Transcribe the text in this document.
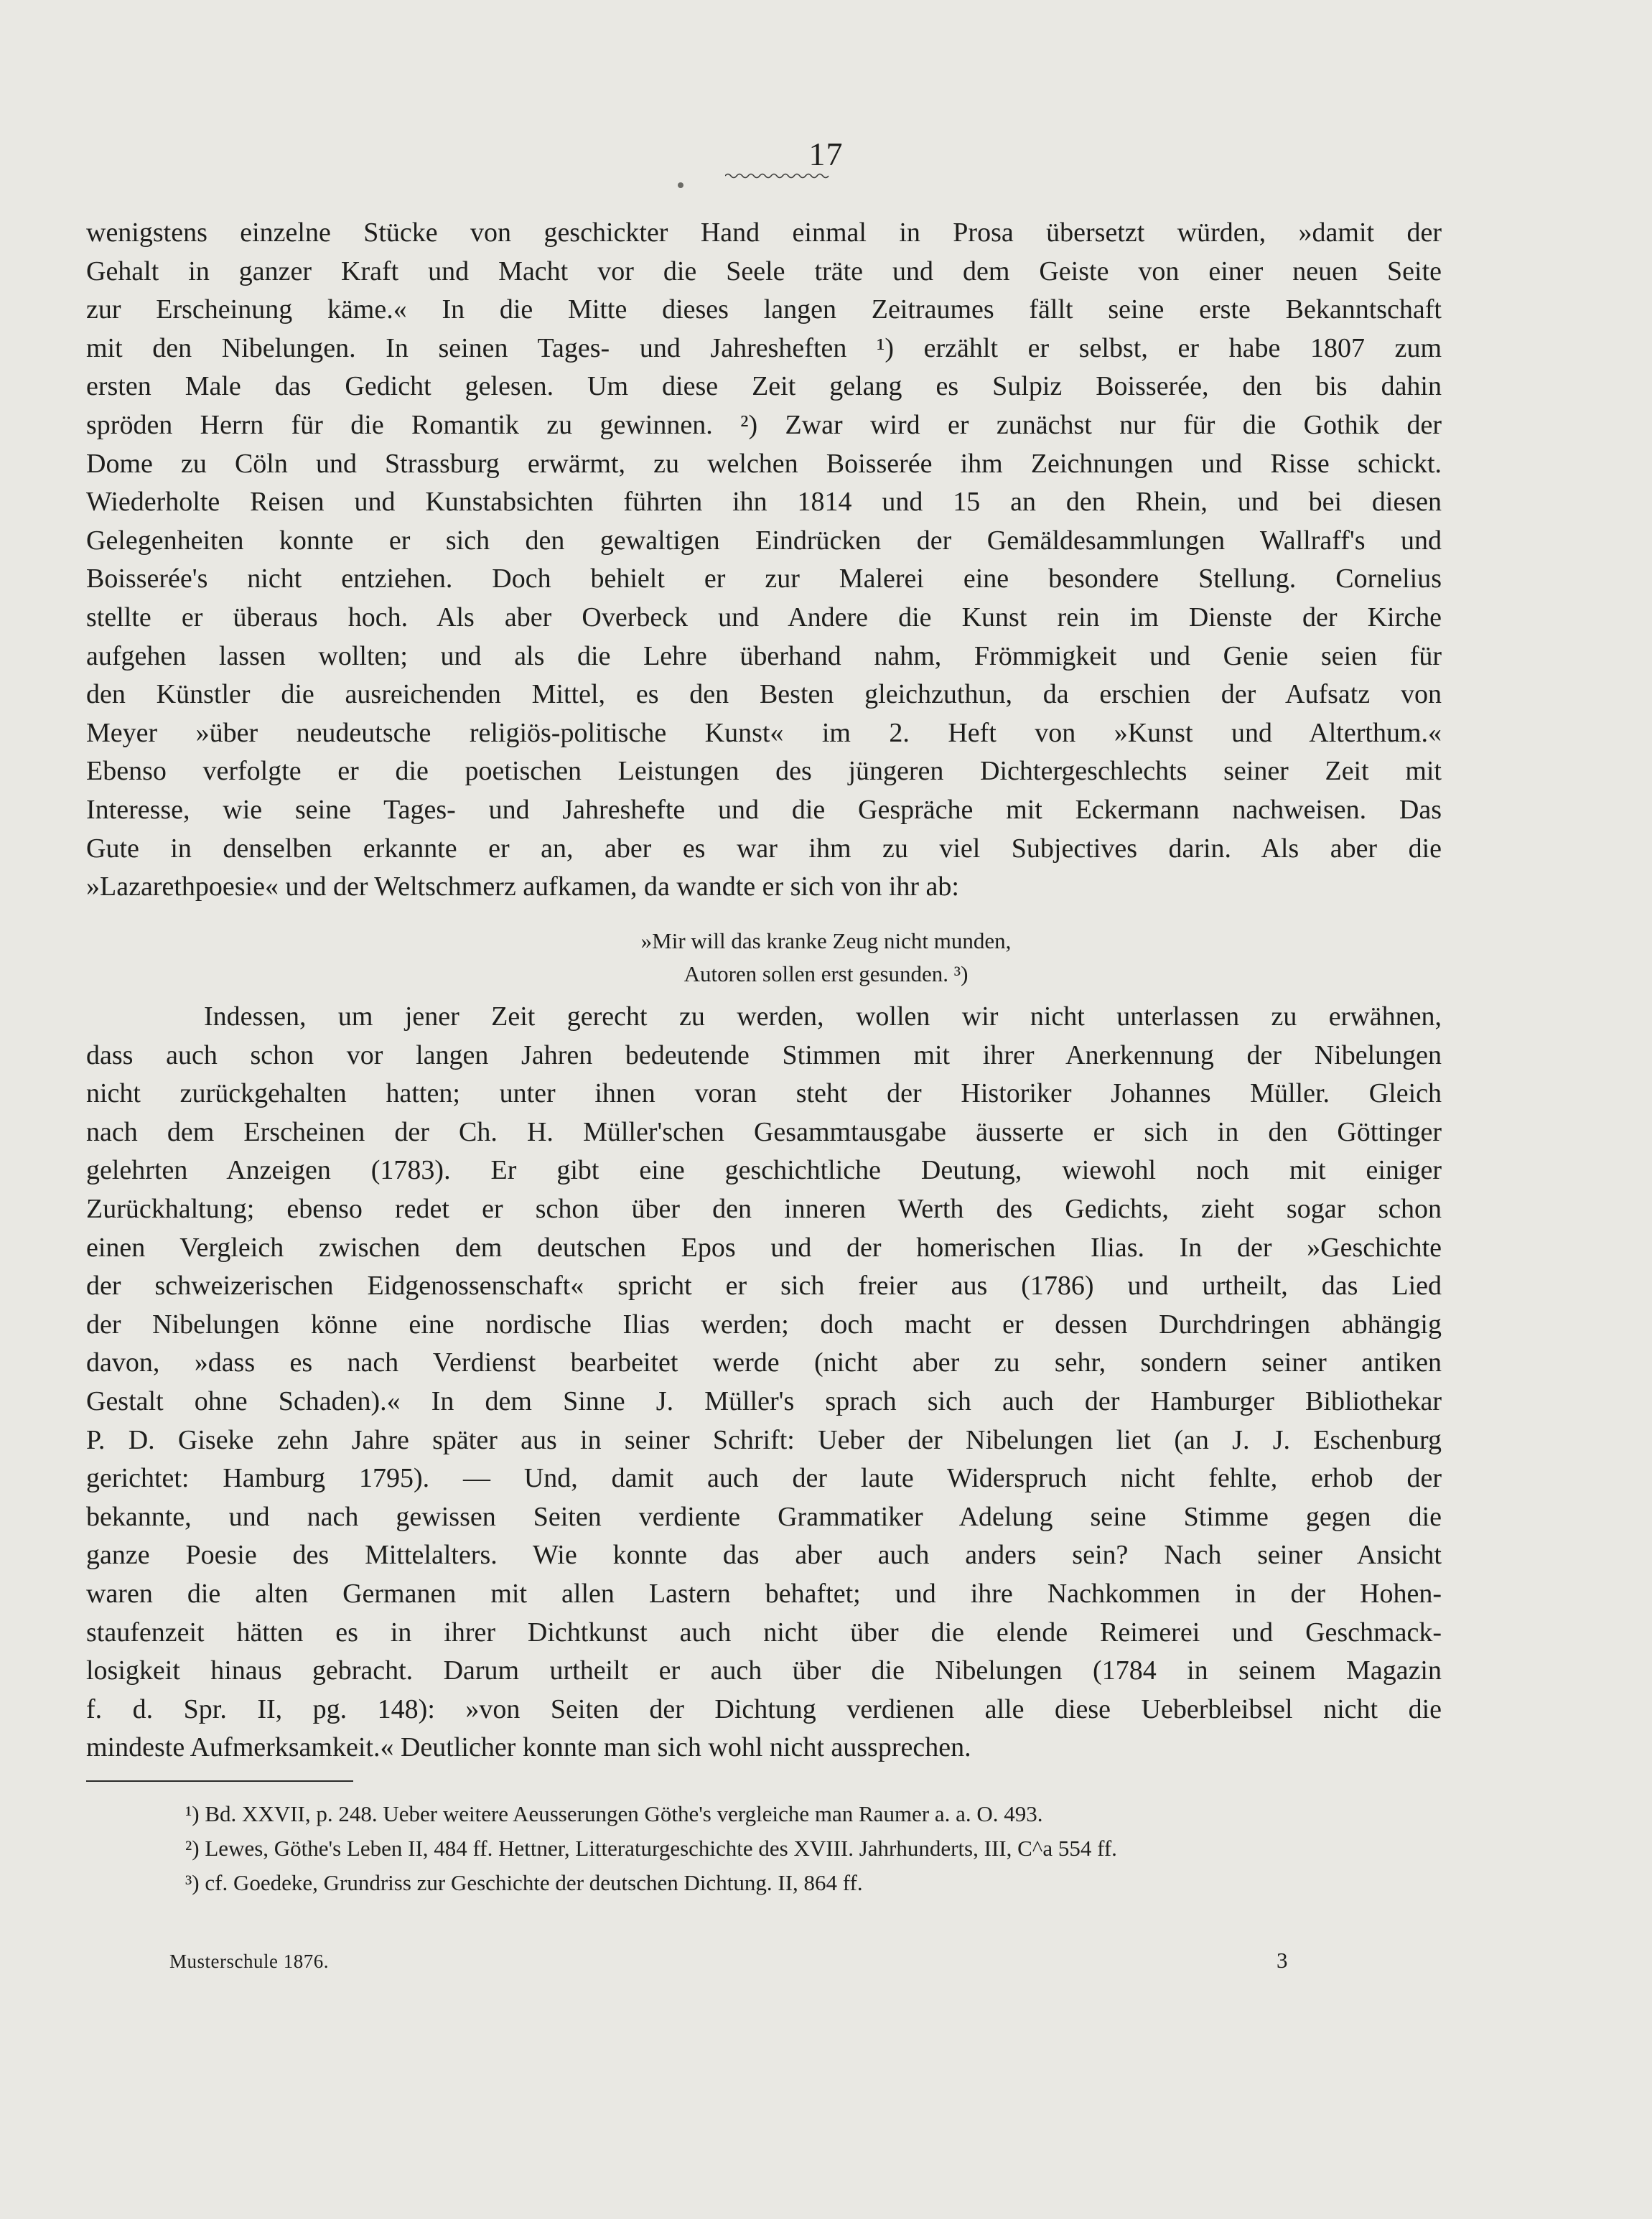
17
wenigstens einzelne Stücke von geschickter Hand einmal in Prosa übersetzt würden, »damit der
Gehalt in ganzer Kraft und Macht vor die Seele träte und dem Geiste von einer neuen Seite
zur Erscheinung käme.« In die Mitte dieses langen Zeitraumes fällt seine erste Bekanntschaft
mit den Nibelungen. In seinen Tages- und Jahresheften ¹) erzählt er selbst, er habe 1807 zum
ersten Male das Gedicht gelesen. Um diese Zeit gelang es Sulpiz Boisserée, den bis dahin
spröden Herrn für die Romantik zu gewinnen. ²) Zwar wird er zunächst nur für die Gothik der
Dome zu Cöln und Strassburg erwärmt, zu welchen Boisserée ihm Zeichnungen und Risse schickt.
Wiederholte Reisen und Kunstabsichten führten ihn 1814 und 15 an den Rhein, und bei diesen
Gelegenheiten konnte er sich den gewaltigen Eindrücken der Gemäldesammlungen Wallraff's und
Boisserée's nicht entziehen. Doch behielt er zur Malerei eine besondere Stellung. Cornelius
stellte er überaus hoch. Als aber Overbeck und Andere die Kunst rein im Dienste der Kirche
aufgehen lassen wollten; und als die Lehre überhand nahm, Frömmigkeit und Genie seien für
den Künstler die ausreichenden Mittel, es den Besten gleichzuthun, da erschien der Aufsatz von
Meyer »über neudeutsche religiös-politische Kunst« im 2. Heft von »Kunst und Alterthum.«
Ebenso verfolgte er die poetischen Leistungen des jüngeren Dichtergeschlechts seiner Zeit mit
Interesse, wie seine Tages- und Jahreshefte und die Gespräche mit Eckermann nachweisen. Das
Gute in denselben erkannte er an, aber es war ihm zu viel Subjectives darin. Als aber die
»Lazarethpoesie« und der Weltschmerz aufkamen, da wandte er sich von ihr ab:
»Mir will das kranke Zeug nicht munden,
Autoren sollen erst gesunden. ³)
Indessen, um jener Zeit gerecht zu werden, wollen wir nicht unterlassen zu erwähnen,
dass auch schon vor langen Jahren bedeutende Stimmen mit ihrer Anerkennung der Nibelungen
nicht zurückgehalten hatten; unter ihnen voran steht der Historiker Johannes Müller. Gleich
nach dem Erscheinen der Ch. H. Müller'schen Gesammtausgabe äusserte er sich in den Göttinger
gelehrten Anzeigen (1783). Er gibt eine geschichtliche Deutung, wiewohl noch mit einiger
Zurückhaltung; ebenso redet er schon über den inneren Werth des Gedichts, zieht sogar schon
einen Vergleich zwischen dem deutschen Epos und der homerischen Ilias. In der »Geschichte
der schweizerischen Eidgenossenschaft« spricht er sich freier aus (1786) und urtheilt, das Lied
der Nibelungen könne eine nordische Ilias werden; doch macht er dessen Durchdringen abhängig
davon, »dass es nach Verdienst bearbeitet werde (nicht aber zu sehr, sondern seiner antiken
Gestalt ohne Schaden).« In dem Sinne J. Müller's sprach sich auch der Hamburger Bibliothekar
P. D. Giseke zehn Jahre später aus in seiner Schrift: Ueber der Nibelungen liet (an J. J. Eschenburg
gerichtet: Hamburg 1795). — Und, damit auch der laute Widerspruch nicht fehlte, erhob der
bekannte, und nach gewissen Seiten verdiente Grammatiker Adelung seine Stimme gegen die
ganze Poesie des Mittelalters. Wie konnte das aber auch anders sein? Nach seiner Ansicht
waren die alten Germanen mit allen Lastern behaftet; und ihre Nachkommen in der Hohen-
staufenzeit hätten es in ihrer Dichtkunst auch nicht über die elende Reimerei und Geschmack-
losigkeit hinaus gebracht. Darum urtheilt er auch über die Nibelungen (1784 in seinem Magazin
f. d. Spr. II, pg. 148): »von Seiten der Dichtung verdienen alle diese Ueberbleibsel nicht die
mindeste Aufmerksamkeit.« Deutlicher konnte man sich wohl nicht aussprechen.
¹) Bd. XXVII, p. 248. Ueber weitere Aeusserungen Göthe's vergleiche man Raumer a. a. O. 493.
²) Lewes, Göthe's Leben II, 484 ff. Hettner, Litteraturgeschichte des XVIII. Jahrhunderts, III, C^a 554 ff.
³) cf. Goedeke, Grundriss zur Geschichte der deutschen Dichtung. II, 864 ff.
Musterschule 1876.	3
